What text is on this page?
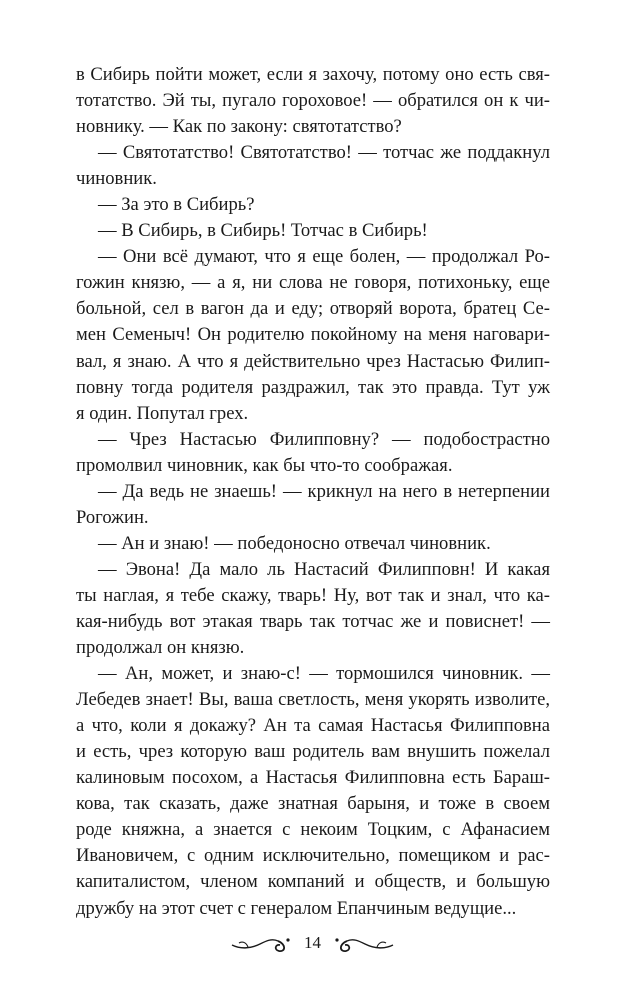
в Сибирь пойти может, если я захочу, потому оно есть свя-
тотатство. Эй ты, пугало гороховое! — обратился он к чи-
новнику. — Как по закону: святотатство?
— Святотатство! Святотатство! — тотчас же поддакнул
чиновник.
— За это в Сибирь?
— В Сибирь, в Сибирь! Тотчас в Сибирь!
— Они всё думают, что я еще болен, — продолжал Ро-
гожин князю, — а я, ни слова не говоря, потихоньку, еще
больной, сел в вагон да и еду; отворяй ворота, братец Се-
мен Семеныч! Он родителю покойному на меня наговари-
вал, я знаю. А что я действительно чрез Настасью Филип-
повну тогда родителя раздражил, так это правда. Тут уж
я один. Попутал грех.
— Чрез Настасью Филипповну? — подобострастно
промолвил чиновник, как бы что-то соображая.
— Да ведь не знаешь! — крикнул на него в нетерпении
Рогожин.
— Ан и знаю! — победоносно отвечал чиновник.
— Эвона! Да мало ль Настасий Филипповн! И какая
ты наглая, я тебе скажу, тварь! Ну, вот так и знал, что ка-
кая-нибудь вот этакая тварь так тотчас же и повиснет! —
продолжал он князю.
— Ан, может, и знаю-с! — тормошился чиновник. —
Лебедев знает! Вы, ваша светлость, меня укорять изволите,
а что, коли я докажу? Ан та самая Настасья Филипповна
и есть, чрез которую ваш родитель вам внушить пожелал
калиновым посохом, а Настасья Филипповна есть Бараш-
кова, так сказать, даже знатная барыня, и тоже в своем
роде княжна, а знается с некоим Тоцким, с Афанасием
Ивановичем, с одним исключительно, помещиком и рас-
капиталистом, членом компаний и обществ, и большую
дружбу на этот счет с генералом Епанчиным ведущие...
14
